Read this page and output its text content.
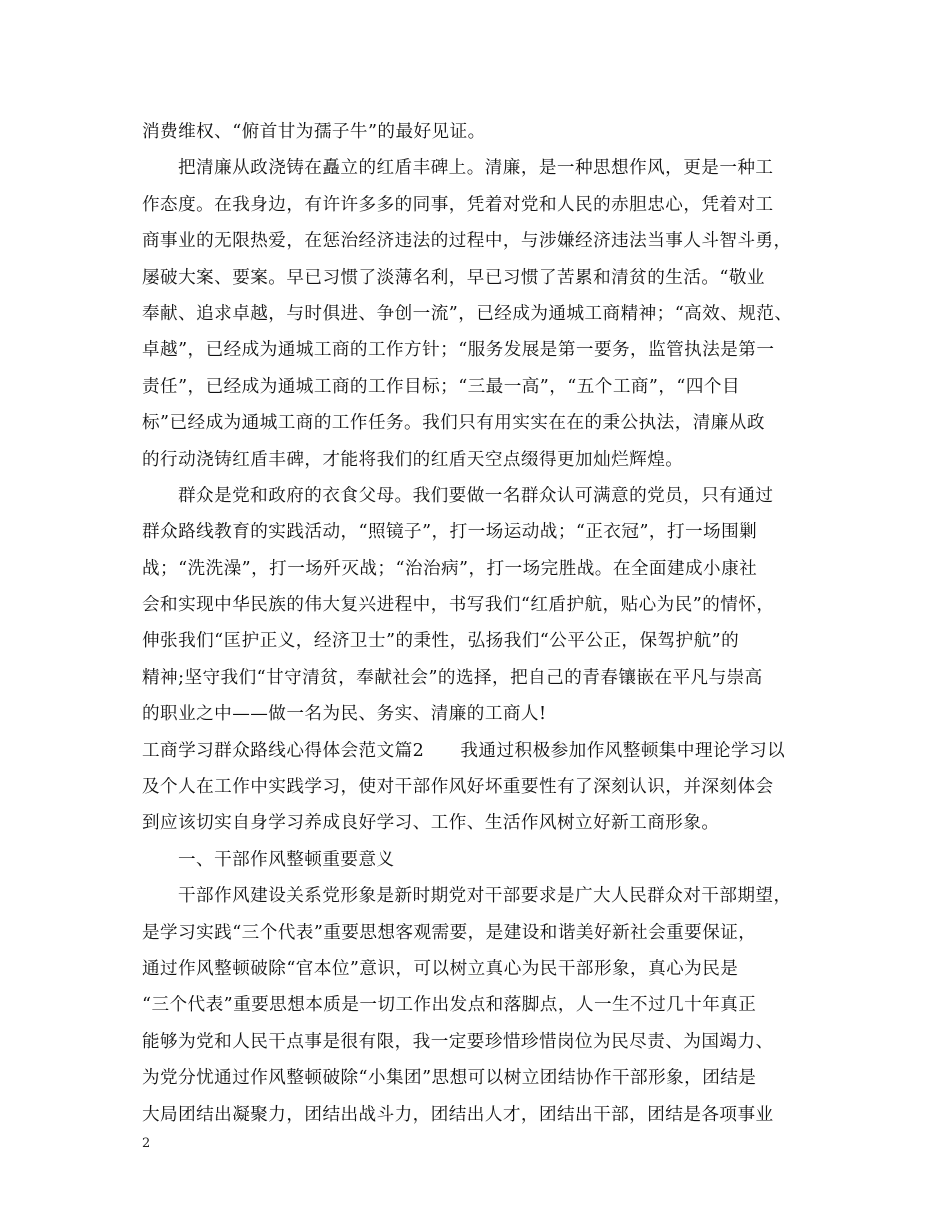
消费维权、“俯首甘为孺子牛”的最好见证。
把清廉从政浇铸在矗立的红盾丰碑上。清廉，是一种思想作风，更是一种工
作态度。在我身边，有许许多多的同事，凭着对党和人民的赤胆忠心，凭着对工
商事业的无限热爱，在惩治经济违法的过程中，与涉嫌经济违法当事人斗智斗勇，
屡破大案、要案。早已习惯了淡薄名利，早已习惯了苦累和清贫的生活。“敬业
奉献、追求卓越，与时俱进、争创一流”，已经成为通城工商精神；“高效、规范、
卓越”，已经成为通城工商的工作方针；“服务发展是第一要务，监管执法是第一
责任”，已经成为通城工商的工作目标；“三最一高”，“五个工商”，“四个目
标”已经成为通城工商的工作任务。我们只有用实实在在的秉公执法，清廉从政
的行动浇铸红盾丰碑，才能将我们的红盾天空点缀得更加灿烂辉煌。
群众是党和政府的衣食父母。我们要做一名群众认可满意的党员，只有通过
群众路线教育的实践活动，“照镜子”，打一场运动战；“正衣冠”，打一场围剿
战；“洗洗澡”，打一场歼灭战；“治治病”，打一场完胜战。在全面建成小康社
会和实现中华民族的伟大复兴进程中，书写我们“红盾护航，贴心为民”的情怀，
伸张我们“匡护正义，经济卫士”的秉性，弘扬我们“公平公正，保驾护航”的
精神;坚守我们“甘守清贫，奉献社会”的选择，把自己的青春镶嵌在平凡与崇高
的职业之中——做一名为民、务实、清廉的工商人!
工商学习群众路线心得体会范文篇2　　我通过积极参加作风整顿集中理论学习以
及个人在工作中实践学习，使对干部作风好坏重要性有了深刻认识，并深刻体会
到应该切实自身学习养成良好学习、工作、生活作风树立好新工商形象。
一、干部作风整顿重要意义
干部作风建设关系党形象是新时期党对干部要求是广大人民群众对干部期望，
是学习实践“三个代表”重要思想客观需要，是建设和谐美好新社会重要保证，
通过作风整顿破除“官本位”意识，可以树立真心为民干部形象，真心为民是
“三个代表”重要思想本质是一切工作出发点和落脚点，人一生不过几十年真正
能够为党和人民干点事是很有限，我一定要珍惜珍惜岗位为民尽责、为国竭力、
为党分忧通过作风整顿破除“小集团”思想可以树立团结协作干部形象，团结是
大局团结出凝聚力，团结出战斗力，团结出人才，团结出干部，团结是各项事业
2
